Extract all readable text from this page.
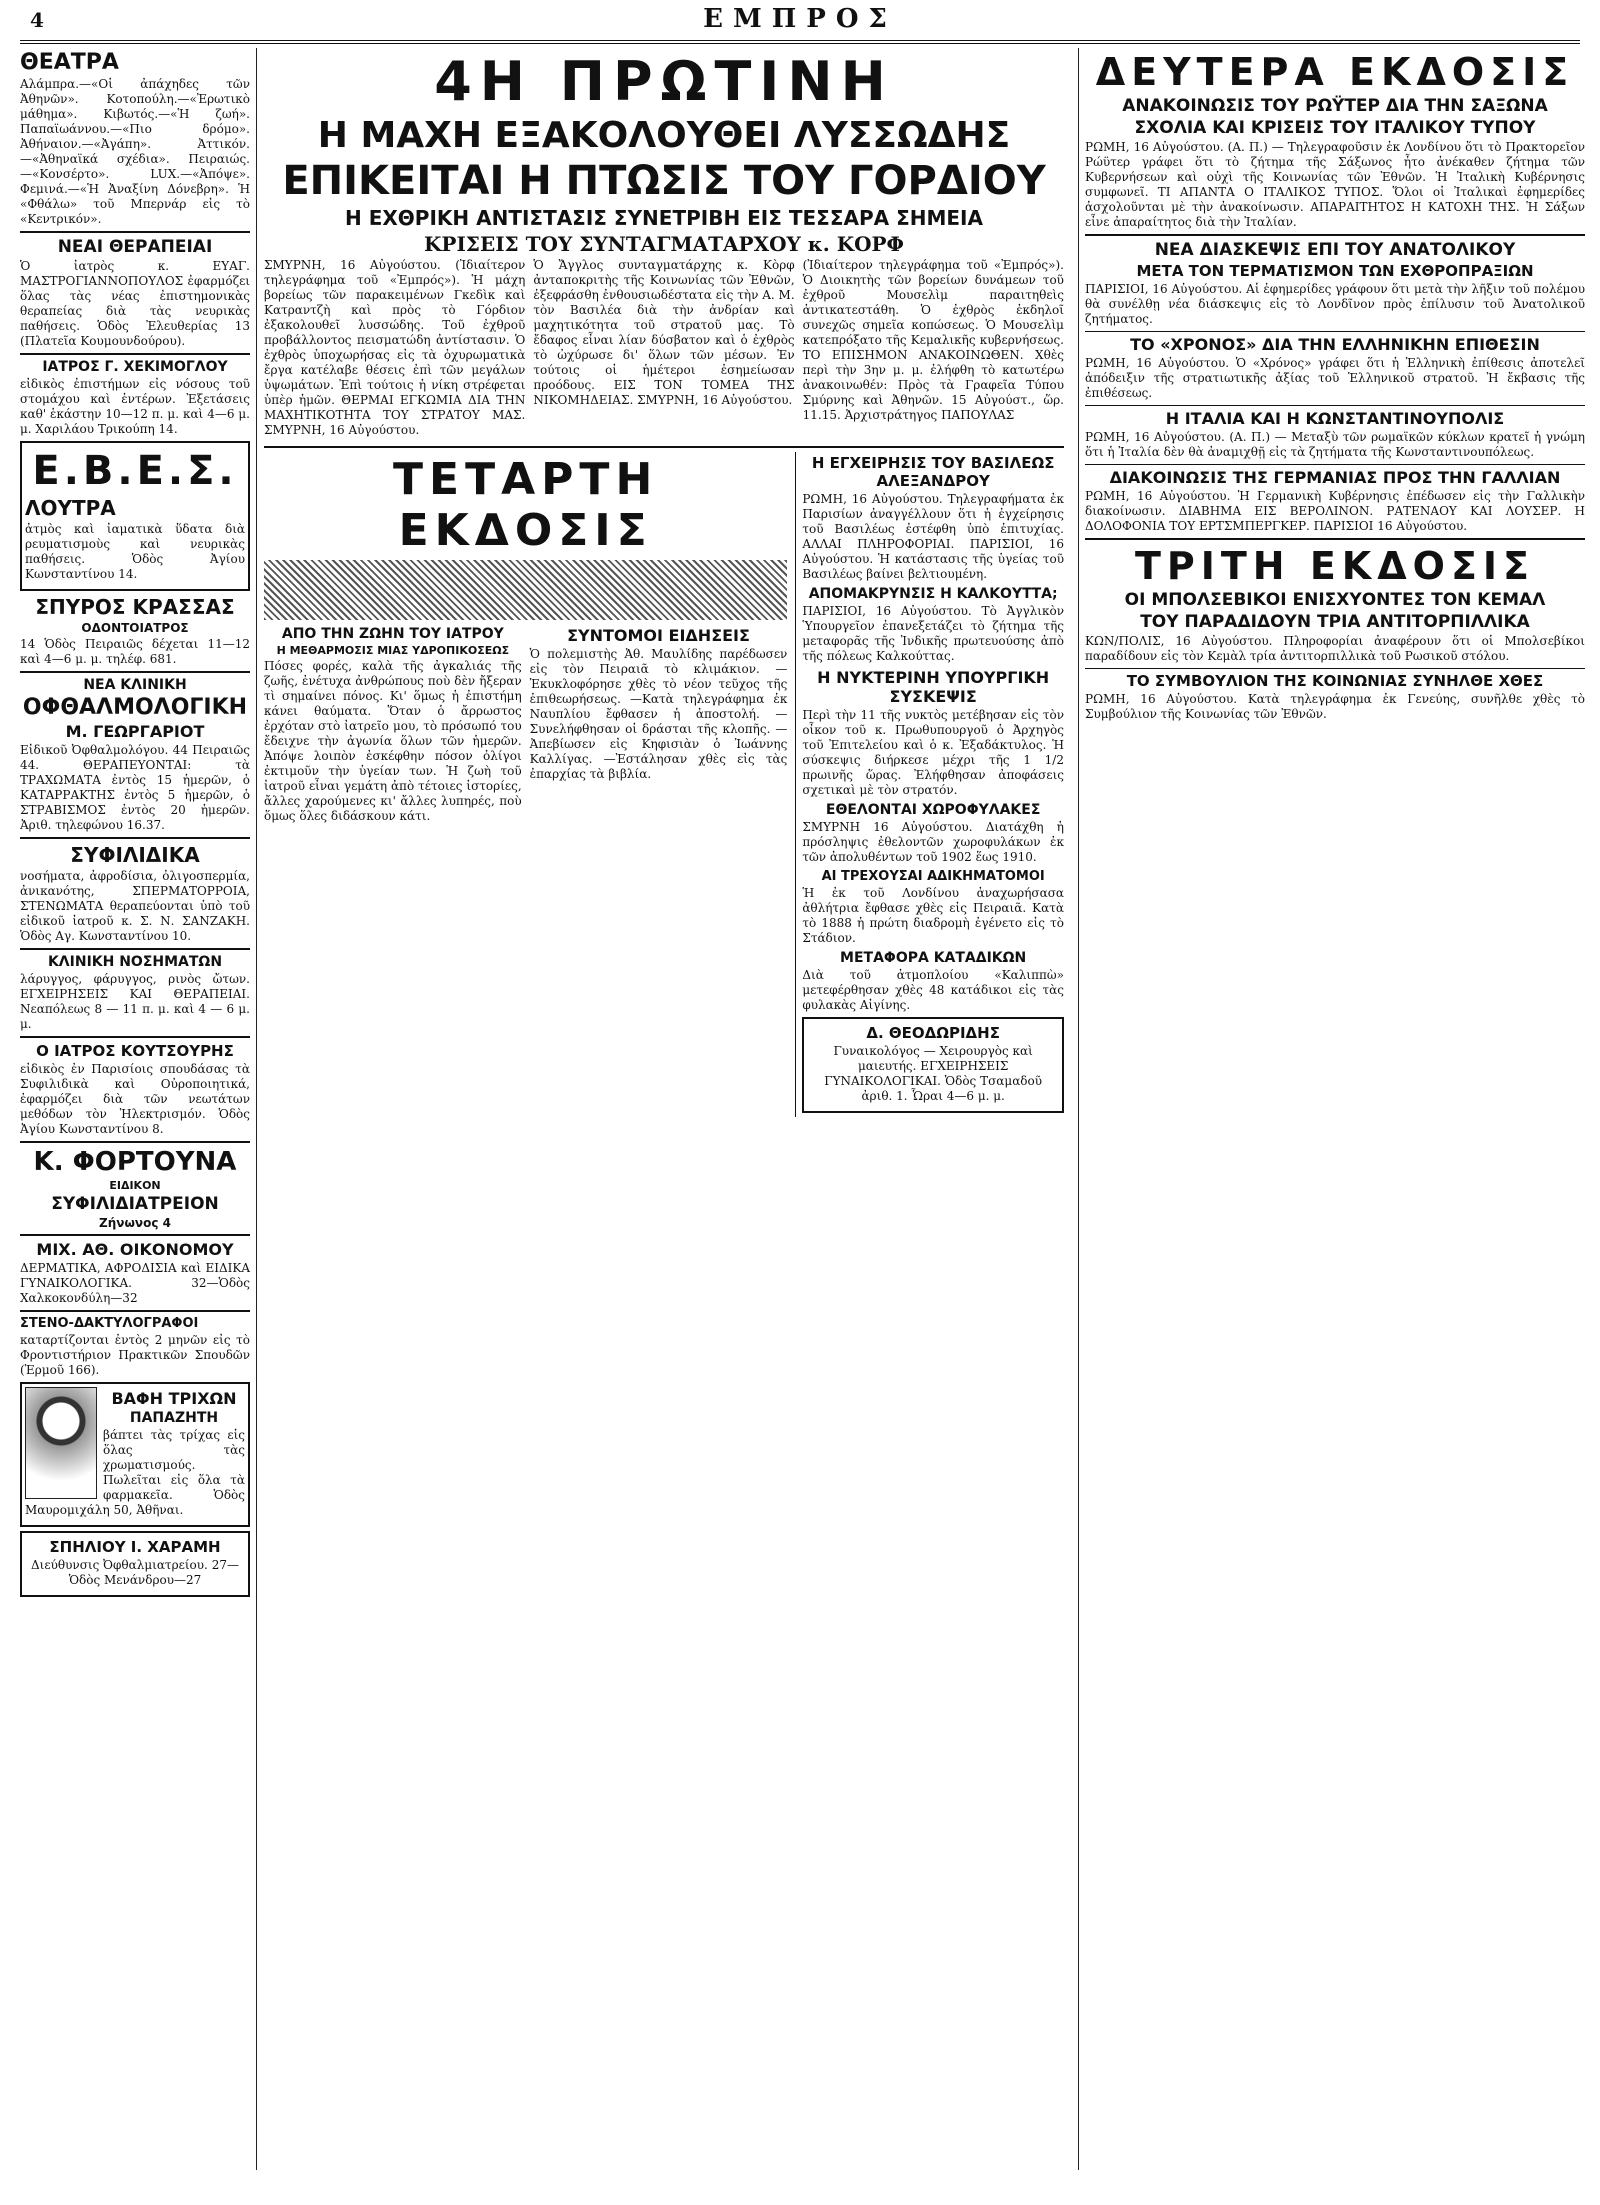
4	ΕΜΠΡΟΣ
ΘΕΑΤΡΑ

Αλάμπρα.—«Οἱ ἀπάχηδες τῶν Ἀθηνῶν». Κοτοπούλη.—«Ἐρωτικὸ μάθημα». Κιβωτός.—«Ἡ ζωή». Παπαϊωάννου.—«Πιο δρόμο». Ἀθήναιον.—«Ἀγάπη». Ἀττικόν.—«Ἀθηναϊκά σχέδια». Πειραιώς.—«Κονσέρτο». LUX.—«Ἀπόψε». Φεμινά.—«Ἡ Ἀναξίνη Δόνεβρη». Ἡ «Φθάλω» τοῦ Μπερνάρ εἰς τὸ «Κεντρικόν».

ΝΕΑΙ ΘΕΡΑΠΕΙΑΙ

Ὁ ἰατρὸς κ. ΕΥΑΓ. ΜΑΣΤΡΟΓΙΑΝΝΟΠΟΥΛΟΣ ἐφαρμόζει ὅλας τὰς νέας ἐπιστημονικὰς θεραπείας διὰ τὰς νευρικὰς παθήσεις. Ὁδὸς Ἐλευθερίας 13 (Πλατεῖα Κουμουνδούρου).

ΙΑΤΡΟΣ Γ. ΧΕΚΙΜΟΓΛΟΥ

εἰδικὸς ἐπιστήμων εἰς νόσους τοῦ στομάχου καὶ ἐντέρων. Ἐξετάσεις καθ' ἑκάστην 10—12 π. μ. καὶ 4—6 μ. μ. Χαριλάου Τρικούπη 14.

Ε.Β.Ε.Σ.
ΛΟΥΤΡΑ

ἀτμὸς καὶ ἰαματικὰ ὕδατα διὰ ρευματισμοὺς καὶ νευρικὰς παθήσεις. Ὁδὸς Ἀγίου Κωνσταντίνου 14.

ΣΠΥΡΟΣ ΚΡΑΣΣΑΣ
ΟΔΟΝΤΟΙΑΤΡΟΣ

14 Ὁδὸς Πειραιῶς δέχεται 11—12 καὶ 4—6 μ. μ. τηλέφ. 681.

ΝΕΑ ΚΛΙΝΙΚΗ
ΟΦΘΑΛΜΟΛΟΓΙΚΗ
Μ. ΓΕΩΡΓΑΡΙΟΤ

Εἰδικοῦ Ὀφθαλμολόγου. 44 Πειραιῶς 44. ΘΕΡΑΠΕΥΟΝΤΑΙ: τὰ ΤΡΑΧΩΜΑΤΑ ἐντὸς 15 ἡμερῶν, ὁ ΚΑΤΑΡΡΑΚΤΗΣ ἐντὸς 5 ἡμερῶν, ὁ ΣΤΡΑΒΙΣΜΟΣ ἐντὸς 20 ἡμερῶν. Ἀριθ. τηλεφώνου 16.37.

ΣΥΦΙΛΙΔΙΚΑ

νοσήματα, ἀφροδίσια, ὀλιγοσπερμία, ἀνικανότης, ΣΠΕΡΜΑΤΟΡΡΟΙΑ, ΣΤΕΝΩΜΑΤΑ θεραπεύονται ὑπὸ τοῦ εἰδικοῦ ἰατροῦ κ. Σ. Ν. ΣΑΝΖΑΚΗ. Ὁδὸς Αγ. Κωνσταντίνου 10.

ΚΛΙΝΙΚΗ ΝΟΣΗΜΑΤΩΝ

λάρυγγος, φάρυγγος, ρινὸς ὤτων. ΕΓΧΕΙΡΗΣΕΙΣ ΚΑΙ ΘΕΡΑΠΕΙΑΙ. Νεαπόλεως 8 — 11 π. μ. καὶ 4 — 6 μ. μ.

Ο ΙΑΤΡΟΣ ΚΟΥΤΣΟΥΡΗΣ

εἰδικὸς ἐν Παρισίοις σπουδάσας τὰ Συφιλιδικὰ καὶ Οὐροποιητικά, ἐφαρμόζει διὰ τῶν νεωτάτων μεθόδων τὸν Ἠλεκτρισμόν. Ὁδὸς Ἀγίου Κωνσταντίνου 8.

Κ. ΦΟΡΤΟΥΝΑ
ΕΙΔΙΚΟΝ
ΣΥΦΙΛΙΔΙΑΤΡΕΙΟΝ
Ζήνωνος 4
ΜΙΧ. ΑΘ. ΟΙΚΟΝΟΜΟΥ

ΔΕΡΜΑΤΙΚΑ, ΑΦΡΟΔΙΣΙΑ καὶ ΕΙΔΙΚΑ ΓΥΝΑΙΚΟΛΟΓΙΚΑ. 32—Ὁδὸς Χαλκοκονδύλη—32

ΣΤΕΝΟ-ΔΑΚΤΥΛΟΓΡΑΦΟΙ

καταρτίζονται ἐντὸς 2 μηνῶν εἰς τὸ Φροντιστήριον Πρακτικῶν Σπουδῶν (Ἑρμοῦ 166).

ΒΑΦΗ ΤΡΙΧΩΝ
ΠΑΠΑΖΗΤΗ

βάπτει τὰς τρίχας εἰς ὅλας τὰς χρωματισμούς. Πωλεῖται εἰς ὅλα τὰ φαρμακεῖα. Ὁδὸς Μαυρομιχάλη 50, Ἀθῆναι.

ΣΠΗΛΙΟΥ Ι. ΧΑΡΑΜΗ

Διεύθυνσις Ὀφθαλμιατρείου. 27—Ὁδὸς Μενάνδρου—27

4Η ΠΡΩΤΙΝΗ
Η ΜΑΧΗ ΕΞΑΚΟΛΟΥΘΕΙ ΛΥΣΣΩΔΗΣ
ΕΠΙΚΕΙΤΑΙ Η ΠΤΩΣΙΣ ΤΟΥ ΓΟΡΔΙΟΥ
Η ΕΧΘΡΙΚΗ ΑΝΤΙΣΤΑΣΙΣ ΣΥΝΕΤΡΙΒΗ ΕΙΣ ΤΕΣΣΑΡΑ ΣΗΜΕΙΑ
ΚΡΙΣΕΙΣ ΤΟΥ ΣΥΝΤΑΓΜΑΤΑΡΧΟΥ κ. ΚΟΡΦ

ΣΜΥΡΝΗ, 16 Αὐγούστου. (Ἰδιαίτερον τηλεγράφημα τοῦ «Ἐμπρός»). Ἡ μάχη βορείως τῶν παρακειμένων Γκεδὶκ καὶ Κατραντζὴ καὶ πρὸς τὸ Γόρδιον ἐξακολουθεῖ λυσσώδης. Τοῦ ἐχθροῦ προβάλλοντος πεισματώδη ἀντίστασιν. Ὁ ἐχθρὸς ὑποχωρήσας εἰς τὰ ὀχυρωματικὰ ἔργα κατέλαβε θέσεις ἐπὶ τῶν μεγάλων ὑψωμάτων. Ἐπὶ τούτοις ἡ νίκη στρέφεται ὑπὲρ ἡμῶν. ΘΕΡΜΑΙ ΕΓΚΩΜΙΑ ΔΙΑ ΤΗΝ ΜΑΧΗΤΙΚΟΤΗΤΑ ΤΟΥ ΣΤΡΑΤΟΥ ΜΑΣ. ΣΜΥΡΝΗ, 16 Αὐγούστου.

Ὁ Ἄγγλος συνταγματάρχης κ. Κὸρφ ἀνταποκριτὴς τῆς Κοινωνίας τῶν Ἐθνῶν, ἐξεφράσθη ἐνθουσιωδέστατα εἰς τὴν Α. Μ. τὸν Βασιλέα διὰ τὴν ἀνδρίαν καὶ μαχητικότητα τοῦ στρατοῦ μας. Τὸ ἔδαφος εἶναι λίαν δύσβατον καὶ ὁ ἐχθρὸς τὸ ὠχύρωσε δι' ὅλων τῶν μέσων. Ἐν τούτοις οἱ ἡμέτεροι ἐσημείωσαν προόδους. ΕΙΣ ΤΟΝ ΤΟΜΕΑ ΤΗΣ ΝΙΚΟΜΗΔΕΙΑΣ. ΣΜΥΡΝΗ, 16 Αὐγούστου.

(Ἰδιαίτερον τηλεγράφημα τοῦ «Ἐμπρός»). Ὁ Διοικητὴς τῶν βορείων δυνάμεων τοῦ ἐχθροῦ Μουσελὶμ παραιτηθεὶς ἀντικατεστάθη. Ὁ ἐχθρὸς ἐκδηλοῖ συνεχῶς σημεῖα κοπώσεως. Ὁ Μουσελὶμ κατεπρόξατο τῆς Κεμαλικῆς κυβερνήσεως. ΤΟ ΕΠΙΣΗΜΟΝ ΑΝΑΚΟΙΝΩΘΕΝ. Χθὲς περὶ τὴν 3ην μ. μ. ἐλήφθη τὸ κατωτέρω ἀνακοινωθέν: Πρὸς τὰ Γραφεῖα Τύπου Σμύρνης καὶ Ἀθηνῶν. 15 Αὐγούστ., ὥρ. 11.15. Ἀρχιστράτηγος ΠΑΠΟΥΛΑΣ

ΤΕΤΑΡΤΗ ΕΚΔΟΣΙΣ
ΑΠΟ ΤΗΝ ΖΩΗΝ ΤΟΥ ΙΑΤΡΟΥ
Η ΜΕΘΑΡΜΟΣΙΣ ΜΙΑΣ ΥΔΡΟΠΙΚΟΣΕΩΣ

Πόσες φορές, καλὰ τῆς ἀγκαλιάς τῆς ζωῆς, ἐνέτυχα ἀνθρώπους ποὺ δὲν ἤξεραν τὶ σημαίνει πόνος. Κι' ὅμως ἡ ἐπιστήμη κάνει θαύματα. Ὅταν ὁ ἄρρωστος ἐρχόταν στὸ ἰατρεῖο μου, τὸ πρόσωπό του ἔδειχνε τὴν ἀγωνία ὅλων τῶν ἡμερῶν. Ἀπόψε λοιπὸν ἐσκέφθην πόσον ὀλίγοι ἐκτιμοῦν τὴν ὑγείαν των. Ἡ ζωὴ τοῦ ἰατροῦ εἶναι γεμάτη ἀπὸ τέτοιες ἱστορίες, ἄλλες χαρούμενες κι' ἄλλες λυπηρές, ποὺ ὅμως ὅλες διδάσκουν κάτι.

ΣΥΝΤΟΜΟΙ ΕΙΔΗΣΕΙΣ

Ὁ πολεμιστὴς Ἀθ. Μαυλίδης παρέδωσεν εἰς τὸν Πειραιᾶ τὸ κλιμάκιον. —Ἐκυκλοφόρησε χθὲς τὸ νέον τεῦχος τῆς ἐπιθεωρήσεως. —Κατὰ τηλεγράφημα ἐκ Ναυπλίου ἔφθασεν ἡ ἀποστολή. —Συνελήφθησαν οἱ δράσται τῆς κλοπῆς. —Ἀπεβίωσεν εἰς Κηφισιὰν ὁ Ἰωάννης Καλλίγας. —Ἐστάλησαν χθὲς εἰς τὰς ἐπαρχίας τὰ βιβλία.

Η ΕΓΧΕΙΡΗΣΙΣ ΤΟΥ ΒΑΣΙΛΕΩΣ ΑΛΕΞΑΝΔΡΟΥ

ΡΩΜΗ, 16 Αὐγούστου. Τηλεγραφήματα ἐκ Παρισίων ἀναγγέλλουν ὅτι ἡ ἐγχείρησις τοῦ Βασιλέως ἐστέφθη ὑπὸ ἐπιτυχίας. ΑΛΛΑΙ ΠΛΗΡΟΦΟΡΙΑΙ. ΠΑΡΙΣΙΟΙ, 16 Αὐγούστου. Ἡ κατάστασις τῆς ὑγείας τοῦ Βασιλέως βαίνει βελτιουμένη.

ΑΠΟΜΑΚΡΥΝΣΙΣ Η ΚΑΛΚΟΥΤΤΑ;

ΠΑΡΙΣΙΟΙ, 16 Αὐγούστου. Τὸ Ἀγγλικὸν Ὑπουργεῖον ἐπανεξετάζει τὸ ζήτημα τῆς μεταφορᾶς τῆς Ἰνδικῆς πρωτευούσης ἀπὸ τῆς πόλεως Καλκούττας.

Η ΝΥΚΤΕΡΙΝΗ ΥΠΟΥΡΓΙΚΗ ΣΥΣΚΕΨΙΣ

Περὶ τὴν 11 τῆς νυκτὸς μετέβησαν εἰς τὸν οἶκον τοῦ κ. Πρωθυπουργοῦ ὁ Ἀρχηγὸς τοῦ Ἐπιτελείου καὶ ὁ κ. Ἐξαδάκτυλος. Ἡ σύσκεψις διήρκεσε μέχρι τῆς 1 1/2 πρωινῆς ὥρας. Ἐλήφθησαν ἀποφάσεις σχετικαὶ μὲ τὸν στρατόν.

ΕΘΕΛΟΝΤΑΙ ΧΩΡΟΦΥΛΑΚΕΣ

ΣΜΥΡΝΗ 16 Αὐγούστου. Διατάχθη ἡ πρόσληψις ἐθελοντῶν χωροφυλάκων ἐκ τῶν ἀπολυθέντων τοῦ 1902 ἕως 1910.

ΑΙ ΤΡΕΧΟΥΣΑΙ ΑΔΙΚΗΜΑΤΟΜΟΙ

Ἡ ἐκ τοῦ Λονδίνου ἀναχωρήσασα ἀθλήτρια ἔφθασε χθὲς εἰς Πειραιᾶ. Κατὰ τὸ 1888 ἡ πρώτη διαδρομὴ ἐγένετο εἰς τὸ Στάδιον.

ΜΕΤΑΦΟΡΑ ΚΑΤΑΔΙΚΩΝ

Διὰ τοῦ ἀτμοπλοίου «Καλιππὼ» μετεφέρθησαν χθὲς 48 κατάδικοι εἰς τὰς φυλακὰς Αἰγίνης.

Δ. ΘΕΟΔΩΡΙΔΗΣ

Γυναικολόγος — Χειρουργὸς καὶ μαιευτής. ΕΓΧΕΙΡΗΣΕΙΣ ΓΥΝΑΙΚΟΛΟΓΙΚΑΙ. Ὁδὸς Τσαμαδοῦ ἀριθ. 1. Ὧραι 4—6 μ. μ.

ΔΕΥΤΕΡΑ ΕΚΔΟΣΙΣ
ΑΝΑΚΟΙΝΩΣΙΣ ΤΟΥ ΡΩΫΤΕΡ ΔΙΑ ΤΗΝ ΣΑΞΩΝΑ
ΣΧΟΛΙΑ ΚΑΙ ΚΡΙΣΕΙΣ ΤΟΥ ΙΤΑΛΙΚΟΥ ΤΥΠΟΥ

ΡΩΜΗ, 16 Αὐγούστου. (Α. Π.) — Τηλεγραφοῦσιν ἐκ Λονδίνου ὅτι τὸ Πρακτορεῖον Ρώϋτερ γράφει ὅτι τὸ ζήτημα τῆς Σάξωνος ἦτο ἀνέκαθεν ζήτημα τῶν Κυβερνήσεων καὶ οὐχὶ τῆς Κοινωνίας τῶν Ἐθνῶν. Ἡ Ἰταλικὴ Κυβέρνησις συμφωνεῖ. ΤΙ ΑΠΑΝΤΑ Ο ΙΤΑΛΙΚΟΣ ΤΥΠΟΣ. Ὅλοι οἱ Ἰταλικαὶ ἐφημερίδες ἀσχολοῦνται μὲ τὴν ἀνακοίνωσιν. ΑΠΑΡΑΙΤΗΤΟΣ Η ΚΑΤΟΧΗ ΤΗΣ. Ἡ Σάξων εἶνε ἀπαραίτητος διὰ τὴν Ἰταλίαν.

ΝΕΑ ΔΙΑΣΚΕΨΙΣ ΕΠΙ ΤΟΥ ΑΝΑΤΟΛΙΚΟΥ
ΜΕΤΑ ΤΟΝ ΤΕΡΜΑΤΙΣΜΟΝ ΤΩΝ ΕΧΘΡΟΠΡΑΞΙΩΝ

ΠΑΡΙΣΙΟΙ, 16 Αὐγούστου. Αἱ ἐφημερίδες γράφουν ὅτι μετὰ τὴν λῆξιν τοῦ πολέμου θὰ συνέλθῃ νέα διάσκεψις εἰς τὸ Λονδῖνον πρὸς ἐπίλυσιν τοῦ Ἀνατολικοῦ ζητήματος.

ΤΟ «ΧΡΟΝΟΣ» ΔΙΑ ΤΗΝ ΕΛΛΗΝΙΚΗΝ ΕΠΙΘΕΣΙΝ

ΡΩΜΗ, 16 Αὐγούστου. Ὁ «Χρόνος» γράφει ὅτι ἡ Ἑλληνικὴ ἐπίθεσις ἀποτελεῖ ἀπόδειξιν τῆς στρατιωτικῆς ἀξίας τοῦ Ἑλληνικοῦ στρατοῦ. Ἡ ἔκβασις τῆς ἐπιθέσεως.

Η ΙΤΑΛΙΑ ΚΑΙ Η ΚΩΝΣΤΑΝΤΙΝΟΥΠΟΛΙΣ

ΡΩΜΗ, 16 Αὐγούστου. (Α. Π.) — Μεταξὺ τῶν ρωμαϊκῶν κύκλων κρατεῖ ἡ γνώμη ὅτι ἡ Ἰταλία δὲν θὰ ἀναμιχθῇ εἰς τὰ ζητήματα τῆς Κωνσταντινουπόλεως.

ΔΙΑΚΟΙΝΩΣΙΣ ΤΗΣ ΓΕΡΜΑΝΙΑΣ ΠΡΟΣ ΤΗΝ ΓΑΛΛΙΑΝ

ΡΩΜΗ, 16 Αὐγούστου. Ἡ Γερμανικὴ Κυβέρνησις ἐπέδωσεν εἰς τὴν Γαλλικὴν διακοίνωσιν. ΔΙΑΒΗΜΑ ΕΙΣ ΒΕΡΟΛΙΝΟΝ. ΡΑΤΕΝΑΟΥ ΚΑΙ ΛΟΥΣΕΡ. Η ΔΟΛΟΦΟΝΙΑ ΤΟΥ ΕΡΤΣΜΠΕΡΓΚΕΡ. ΠΑΡΙΣΙΟΙ 16 Αὐγούστου.

ΤΡΙΤΗ ΕΚΔΟΣΙΣ
ΟΙ ΜΠΟΛΣΕΒΙΚΟΙ ΕΝΙΣΧΥΟΝΤΕΣ ΤΟΝ ΚΕΜΑΛ
ΤΟΥ ΠΑΡΑΔΙΔΟΥΝ ΤΡΙΑ ΑΝΤΙΤΟΡΠΙΛΛΙΚΑ

ΚΩΝ/ΠΟΛΙΣ, 16 Αὐγούστου. Πληροφορίαι ἀναφέρουν ὅτι οἱ Μπολσεβίκοι παραδίδουν εἰς τὸν Κεμὰλ τρία ἀντιτορπιλλικὰ τοῦ Ρωσικοῦ στόλου.

ΤΟ ΣΥΜΒΟΥΛΙΟΝ ΤΗΣ ΚΟΙΝΩΝΙΑΣ ΣΥΝΗΛΘΕ ΧΘΕΣ

ΡΩΜΗ, 16 Αὐγούστου. Κατὰ τηλεγράφημα ἐκ Γενεύης, συνῆλθε χθὲς τὸ Συμβούλιον τῆς Κοινωνίας τῶν Ἐθνῶν.
